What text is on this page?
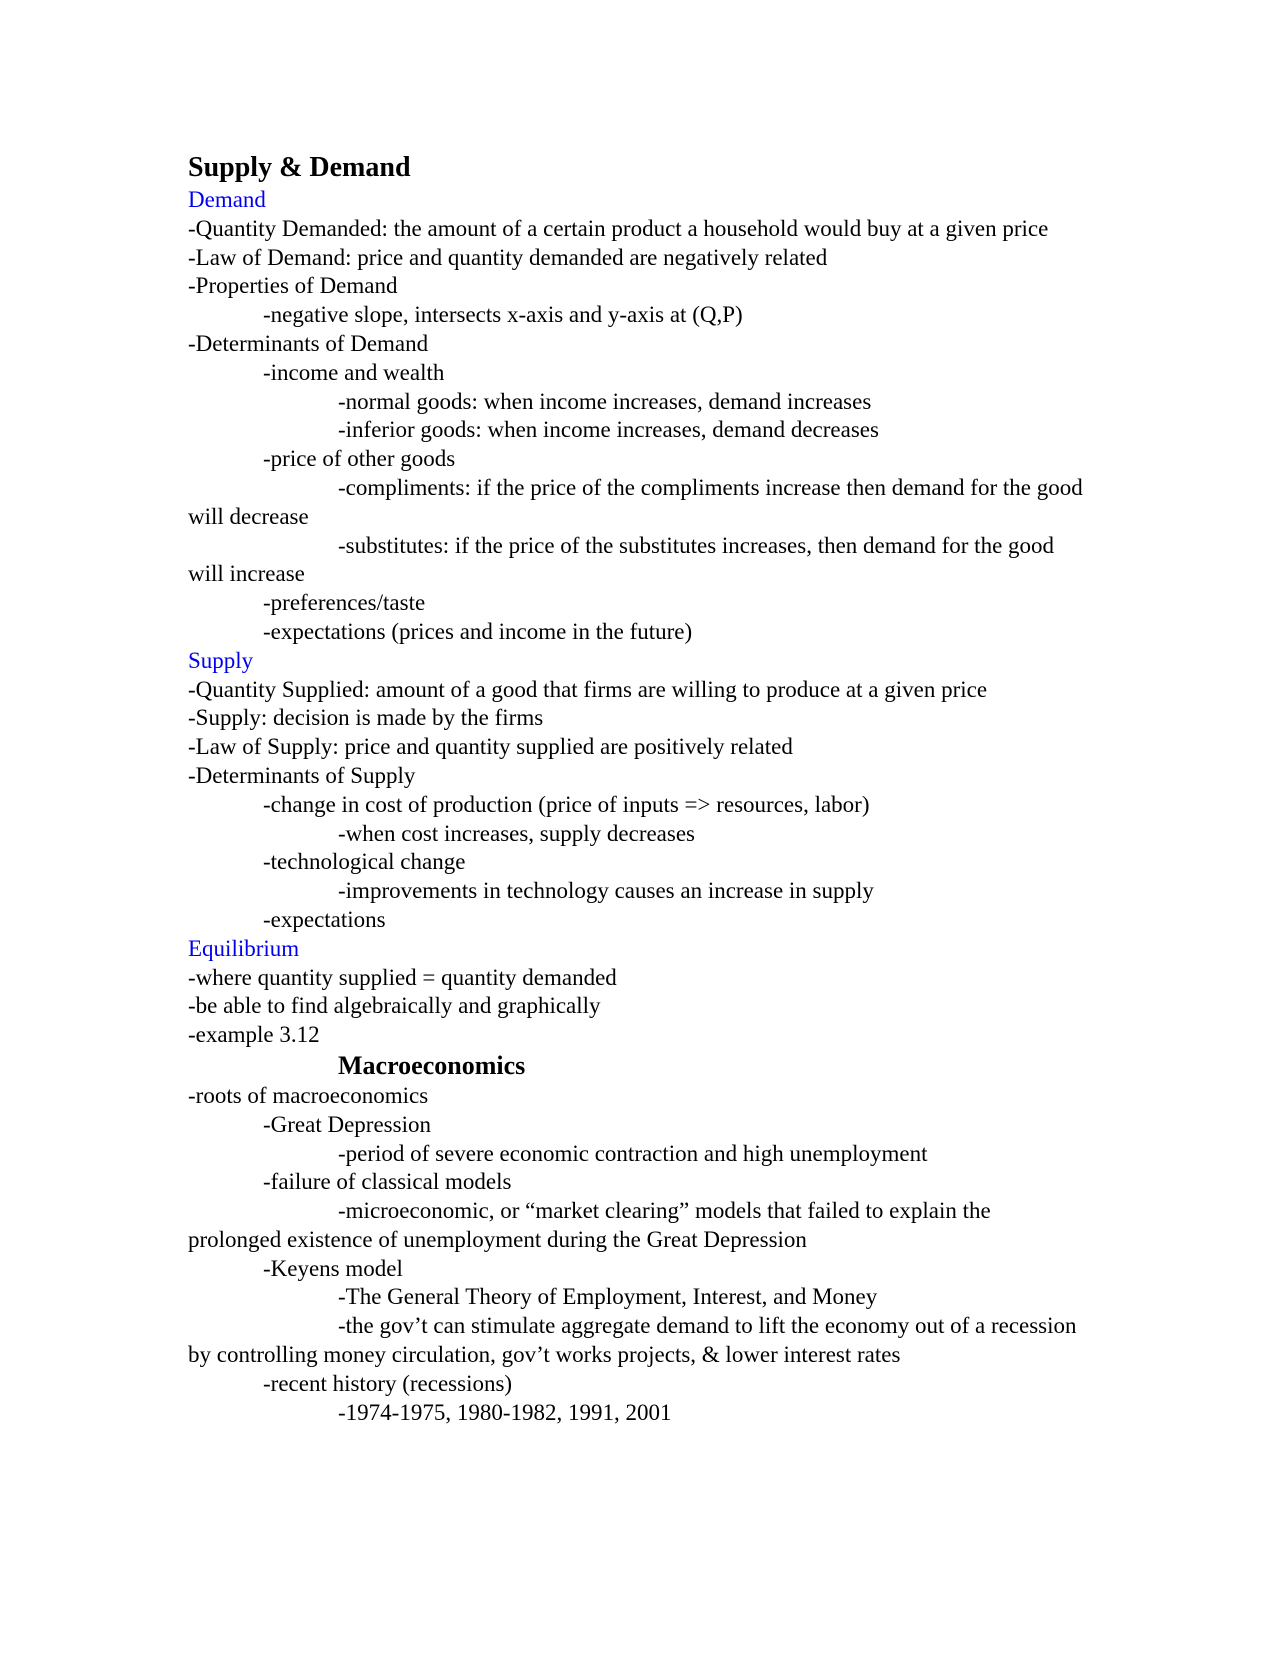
Supply & Demand
Demand
-Quantity Demanded: the amount of a certain product a household would buy at a given price
-Law of Demand: price and quantity demanded are negatively related
-Properties of Demand
-negative slope, intersects x-axis and y-axis at (Q,P)
-Determinants of Demand
-income and wealth
-normal goods: when income increases, demand increases
-inferior goods: when income increases, demand decreases
-price of other goods
-compliments: if the price of the compliments increase then demand for the good will decrease
-substitutes: if the price of the substitutes increases, then demand for the good will increase
-preferences/taste
-expectations (prices and income in the future)
Supply
-Quantity Supplied: amount of a good that firms are willing to produce at a given price
-Supply: decision is made by the firms
-Law of Supply: price and quantity supplied are positively related
-Determinants of Supply
-change in cost of production (price of inputs => resources, labor)
-when cost increases, supply decreases
-technological change
-improvements in technology causes an increase in supply
-expectations
Equilibrium
-where quantity supplied = quantity demanded
-be able to find algebraically and graphically
-example 3.12
Macroeconomics
-roots of macroeconomics
-Great Depression
-period of severe economic contraction and high unemployment
-failure of classical models
-microeconomic, or “market clearing” models that failed to explain the prolonged existence of unemployment during the Great Depression
-Keyens model
-The General Theory of Employment, Interest, and Money
-the gov’t can stimulate aggregate demand to lift the economy out of a recession by controlling money circulation, gov’t works projects, & lower interest rates
-recent history (recessions)
-1974-1975, 1980-1982, 1991, 2001
